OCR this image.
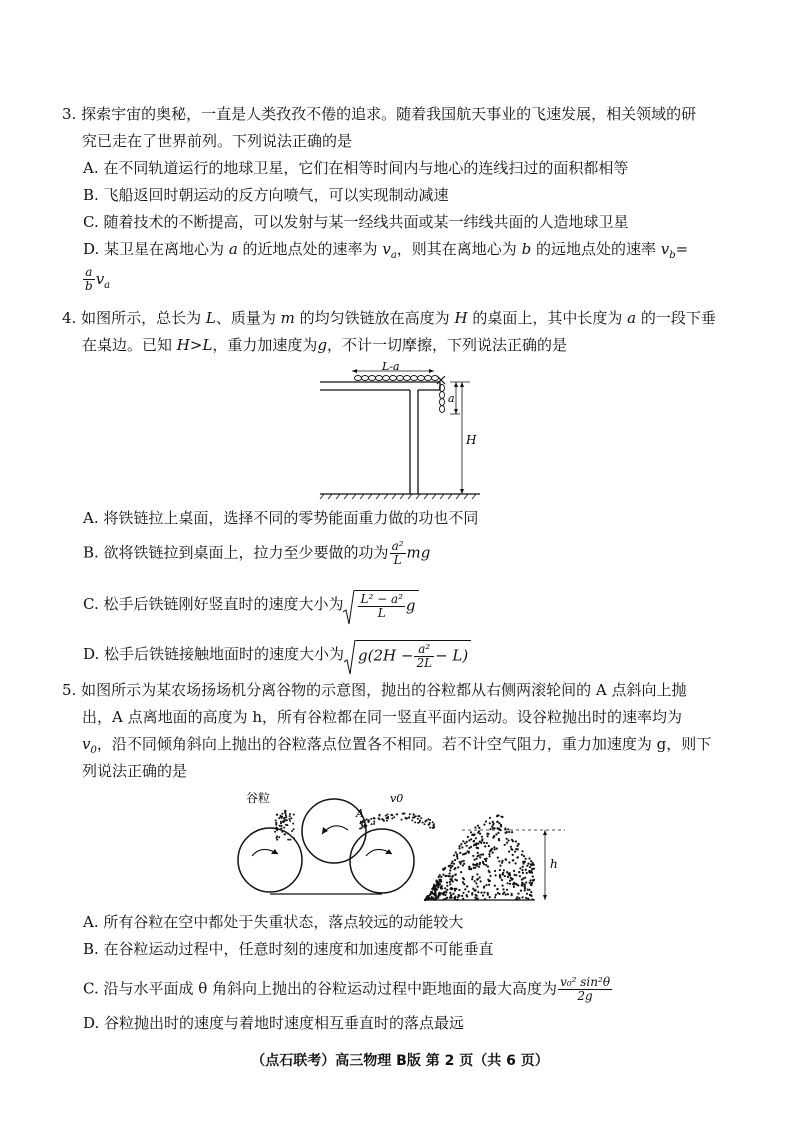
3. 探索宇宙的奥秘，一直是人类孜孜不倦的追求。随着我国航天事业的飞速发展，相关领域的研
究已走在了世界前列。下列说法正确的是
A. 在不同轨道运行的地球卫星，它们在相等时间内与地心的连线扫过的面积都相等
B. 飞船返回时朝运动的反方向喷气，可以实现制动减速
C. 随着技术的不断提高，可以发射与某一经线共面或某一纬线共面的人造地球卫星
D. 某卫星在离地心为 a 的近地点处的速率为 $v_a$，则其在离地心为 b 的远地点处的速率 $v_b=$
$\frac{a}{b} v_a$
4. 如图所示，总长为 L、质量为 m 的均匀铁链放在高度为 H 的桌面上，其中长度为 a 的一段下垂
在桌边。已知 H>L，重力加速度为g，不计一切摩擦，下列说法正确的是
L-a
a
H
A. 将铁链拉上桌面，选择不同的零势能面重力做的功也不同
B. 欲将铁链拉到桌面上，拉力至少要做的功为 $\frac{\text{a²}}{L}$ mg
C. 松手后铁链刚好竖直时的速度大小为 $\frac{\text{L² − a²}}{L}$ g
D. 松手后铁链接触地面时的速度大小为 $g(2H - \frac{\text{a²}}{2L} - L)$
5. 如图所示为某农场扬场机分离谷物的示意图，抛出的谷粒都从右侧两滚轮间的 A 点斜向上抛
出，A 点离地面的高度为 h，所有谷粒都在同一竖直平面内运动。设谷粒抛出时的速率均为
$v_0$，沿不同倾角斜向上抛出的谷粒落点位置各不相同。若不计空气阻力，重力加速度为 g，则下
列说法正确的是
谷粒	v0
A
h
A. 所有谷粒在空中都处于失重状态，落点较远的动能较大
B. 在谷粒运动过程中，任意时刻的速度和加速度都不可能垂直
C. 沿与水平面成 θ 角斜向上抛出的谷粒运动过程中距地面的最大高度为 $\frac{\text{v₀² sin²θ}}{2g}$
D. 谷粒抛出时的速度与着地时速度相互垂直时的落点最远
（点石联考）高三物理 B版 第 2 页（共 6 页）
